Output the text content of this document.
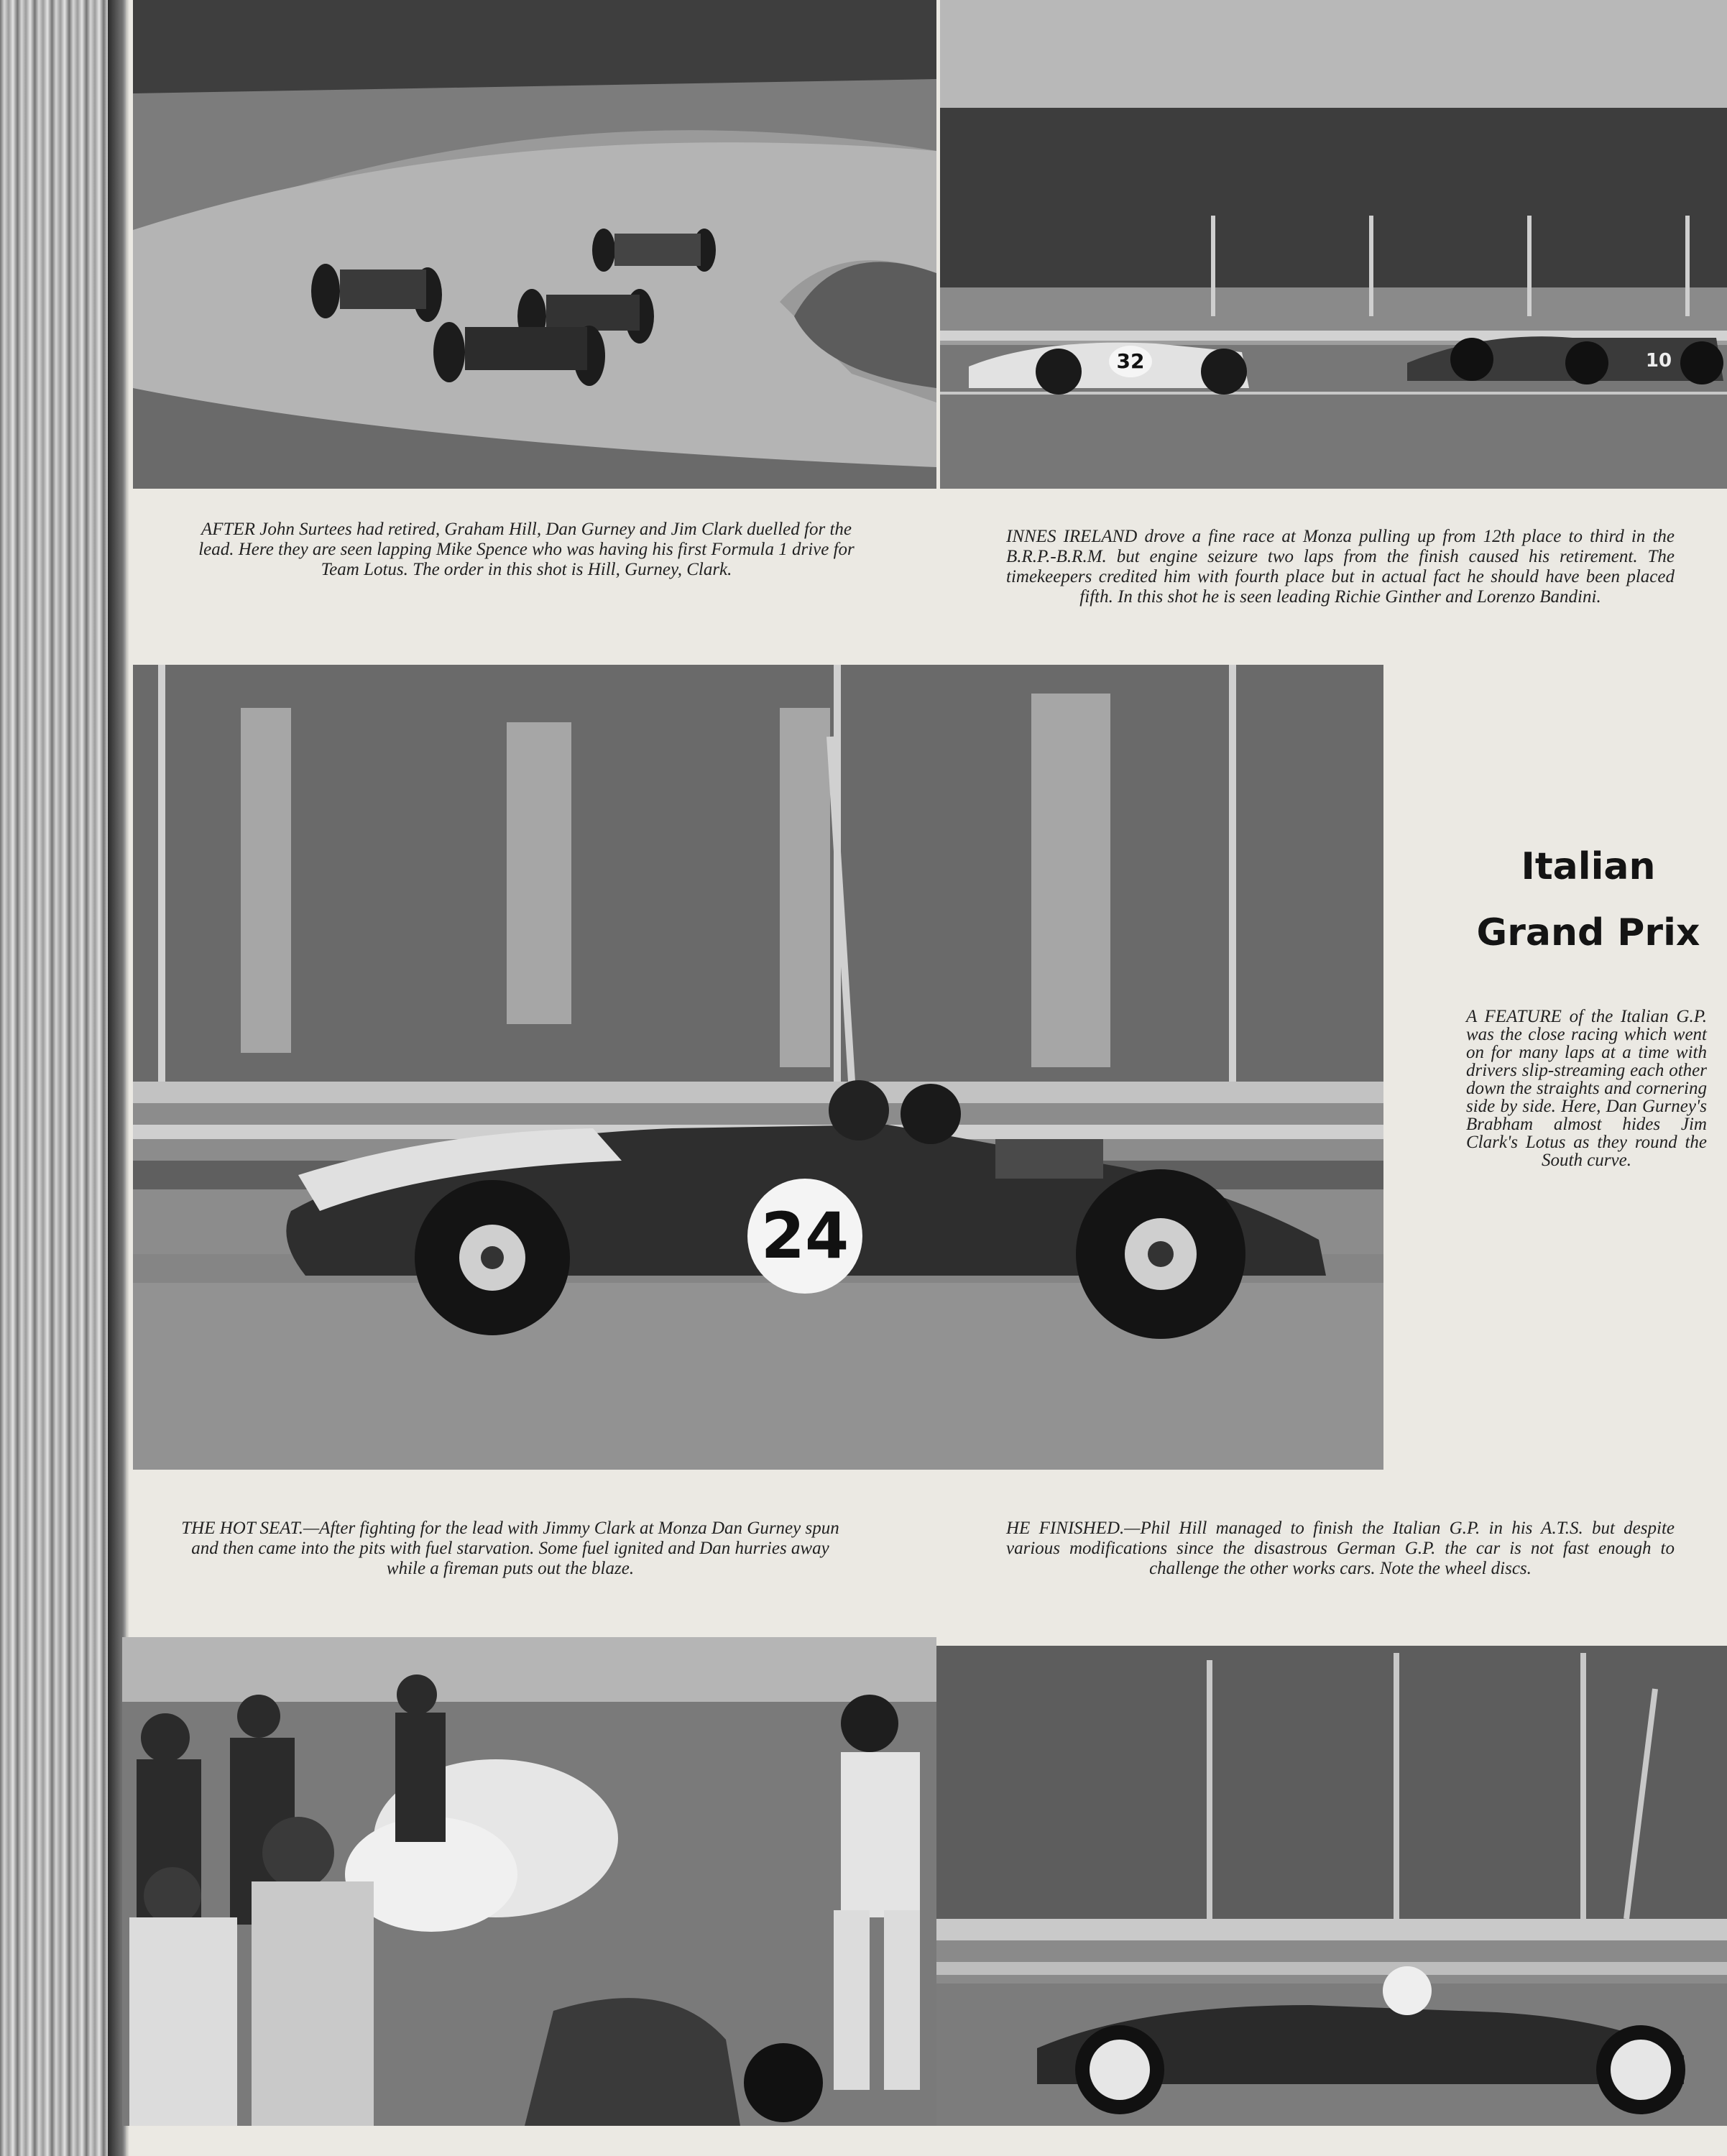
32	10

AFTER John Surtees had retired, Graham Hill, Dan Gurney and Jim Clark duelled for the lead. Here they are seen lapping Mike Spence who was having his first Formula 1 drive for Team Lotus. The order in this shot is Hill, Gurney, Clark.

INNES IRELAND drove a fine race at Monza pulling up from 12th place to third in the B.R.P.-B.R.M. but engine seizure two laps from the finish caused his retirement. The timekeepers credited him with fourth place but in actual fact he should have been placed fifth. In this shot he is seen leading Richie Ginther and Lorenzo Bandini.

24
Italian
Grand Prix

A FEATURE of the Italian G.P. was the close racing which went on for many laps at a time with drivers slip-streaming each other down the straights and cornering side by side. Here, Dan Gurney's Brabham almost hides Jim Clark's Lotus as they round the South curve.

THE HOT SEAT.—After fighting for the lead with Jimmy Clark at Monza Dan Gurney spun and then came into the pits with fuel starvation. Some fuel ignited and Dan hurries away while a fireman puts out the blaze.

HE FINISHED.—Phil Hill managed to finish the Italian G.P. in his A.T.S. but despite various modifications since the disastrous German G.P. the car is not fast enough to challenge the other works cars. Note the wheel discs.
